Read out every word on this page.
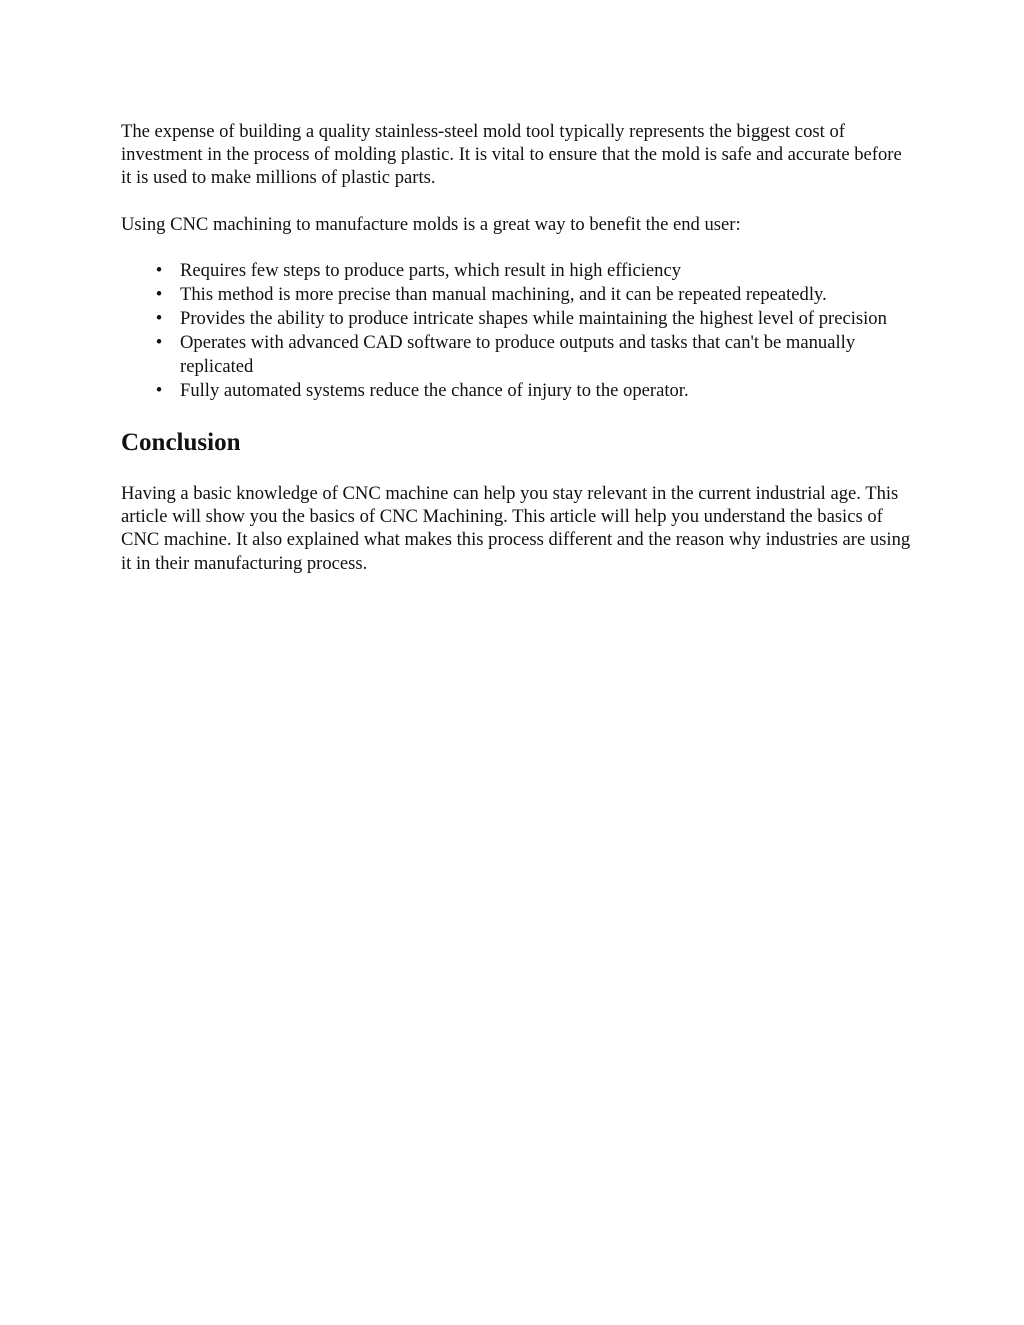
The expense of building a quality stainless-steel mold tool typically represents the biggest cost of investment in the process of molding plastic. It is vital to ensure that the mold is safe and accurate before it is used to make millions of plastic parts.

Using CNC machining to manufacture molds is a great way to benefit the end user:

• Requires few steps to produce parts, which result in high efficiency
• This method is more precise than manual machining, and it can be repeated repeatedly.
• Provides the ability to produce intricate shapes while maintaining the highest level of precision
• Operates with advanced CAD software to produce outputs and tasks that can't be manually replicated
• Fully automated systems reduce the chance of injury to the operator.
Conclusion

Having a basic knowledge of CNC machine can help you stay relevant in the current industrial age. This article will show you the basics of CNC Machining. This article will help you understand the basics of CNC machine. It also explained what makes this process different and the reason why industries are using it in their manufacturing process.
